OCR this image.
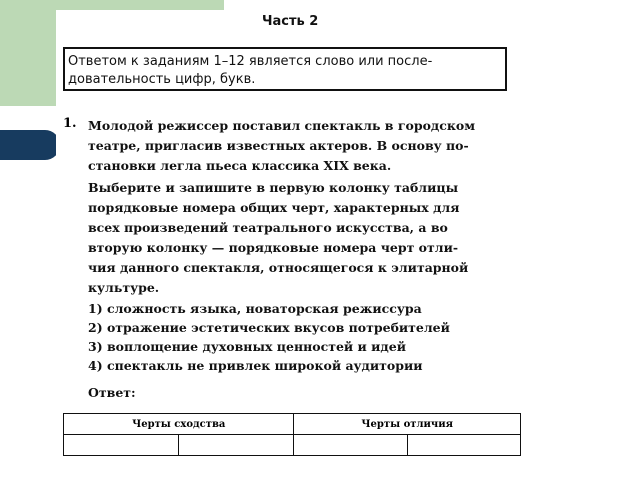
Часть 2
Ответом к заданиям 1–12 является слово или после-
довательность цифр, букв.
1. Молодой режиссер поставил спектакль в городском
театре, пригласив известных актеров. В основу по-
становки легла пьеса классика XIX века.
Выберите и запишите в первую колонку таблицы
порядковые номера общих черт, характерных для
всех произведений театрального искусства, а во
вторую колонку — порядковые номера черт отли-
чия данного спектакля, относящегося к элитарной
культуре.
1) сложность языка, новаторская режиссура
2) отражение эстетических вкусов потребителей
3) воплощение духовных ценностей и идей
4) спектакль не привлек широкой аудитории
Ответ:
Черты сходства		Черты отличия	
